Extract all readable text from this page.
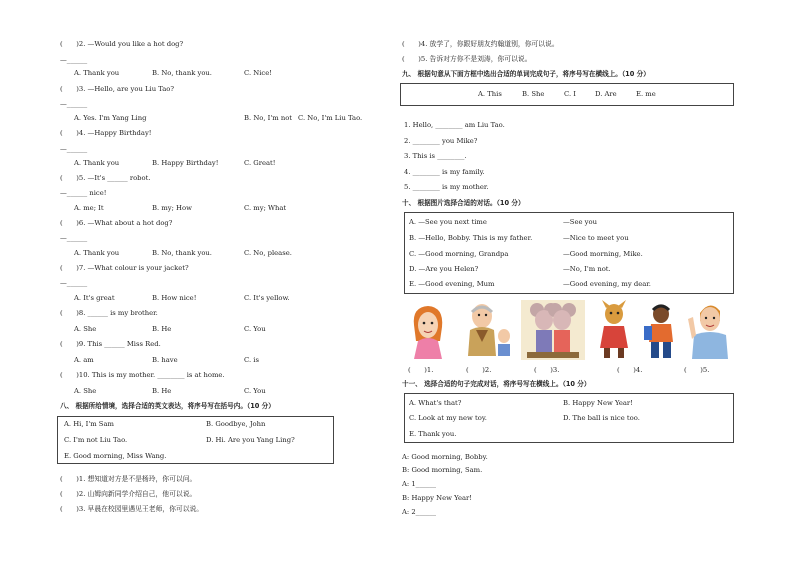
(　　)2. —Would you like a hot dog?
—______
A. Thank you	B. No, thank you.	C. Nice!
(　　)3. —Hello, are you Liu Tao?
—______
A. Yes. I'm Yang Ling	B. No, I'm not C. No, I'm Liu Tao.
(　　)4. —Happy Birthday!
—______
A. Thank you	B. Happy Birthday!	C. Great!
(　　)5. —It's ______ robot.
—______ nice!
A. me; It	B. my; How	C. my; What
(　　)6. —What about a hot dog?
—______
A. Thank you	B. No, thank you.	C. No, please.
(　　)7. —What colour is your jacket?
—______
A. It's great	B. How nice!	C. It's yellow.
(　　)8. ______ is my brother.
A. She	B. He	C. You
(　　)9. This ______ Miss Red.
A. am	B. have	C. is
(　　)10. This is my mother. ________ is at home.
A. She	B. He	C. You
八、 根据所给情境，选择合适的英文表达，将序号写在括号内。（10 分）
A. Hi, I'm Sam	B. Goodbye, John
C. I'm not Liu Tao.	D. Hi. Are you Yang Ling?
E. Good morning, Miss Wang.
(　　)1. 想知道对方是不是杨玲，你可以问。
(　　)2. 山姆向新同学介绍自己，他可以说。
(　　)3. 早晨在校园里遇见王老师，你可以说。
(　　)4. 放学了，你跟好朋友约翰道别，你可以说。
(　　)5. 告诉对方你不是刘涛，你可以说。
九、 根据句意从下面方框中选出合适的单词完成句子，将序号写在横线上。（10 分）
A. This	B. She	C. I	D. Are	E. me
1. Hello, ________ am Liu Tao.
2. ________ you Mike?
3. This is ________.
4. ________ is my family.
5. ________ is my mother.
十、 根据图片选择合适的对话。（10 分）
A. —See you next time	—See you
B. —Hello, Bobby. This is my father.	—Nice to meet you
C. —Good morning, Grandpa	—Good morning, Mike.
D. —Are you Helen?	—No, I'm not.
E. —Good evening, Mum	—Good evening, my dear.
(　　)1.	(　　)2.	(　　)3.	(　　)4.	(　　)5.
十一、 选择合适的句子完成对话，将序号写在横线上。（10 分）
A. What's that?	B. Happy New Year!
C. Look at my new toy.	D. The ball is nice too.
E. Thank you.
A: Good morning, Bobby.
B: Good morning, Sam.
A: 1______
B: Happy New Year!
A: 2______
